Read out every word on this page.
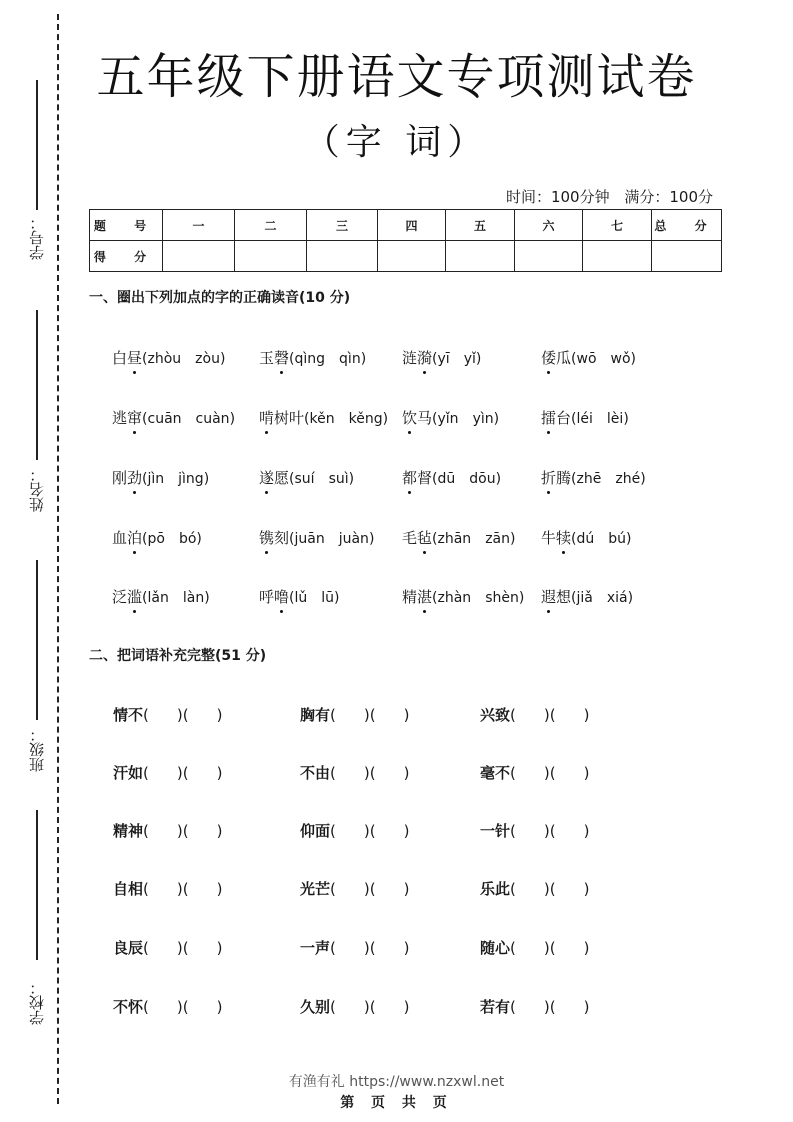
学号：
姓名：
班级：
学校：
五年级下册语文专项测试卷
（字 词）
时间：100分钟 满分：100分
题 号	一	二	三	四	五	六	七	总 分
得 分								
一、圈出下列加点的字的正确读音(10 分)
白昼(zhòu zòu) 玉磬(qìng qìn) 涟漪(yī yǐ)	倭瓜(wō wǒ)
逃窜(cuān cuàn) 啃树叶(kěn kěng) 饮马(yǐn yìn)	擂台(léi lèi)
刚劲(jìn jìng)	遂愿(suí suì)	都督(dū dōu)	折腾(zhē zhé)
血泊(pō bó)	镌刻(juān juàn) 毛毡(zhān zān) 牛犊(dú bú)
泛滥(lǎn làn)	呼噜(lǔ lū)	精湛(zhàn shèn) 遐想(jiǎ xiá)
二、把词语补充完整(51 分)
情不( )( )	胸有( )( )	兴致( )( )
汗如( )( )	不由( )( )	毫不( )( )
精神( )( )	仰面( )( )	一针( )( )
自相( )( )	光芒( )( )	乐此( )( )
良辰( )( )	一声( )( )	随心( )( )
不怀( )( )	久别( )( )	若有( )( )
有渔有礼 https://www.nzxwl.net
第 页 共 页
